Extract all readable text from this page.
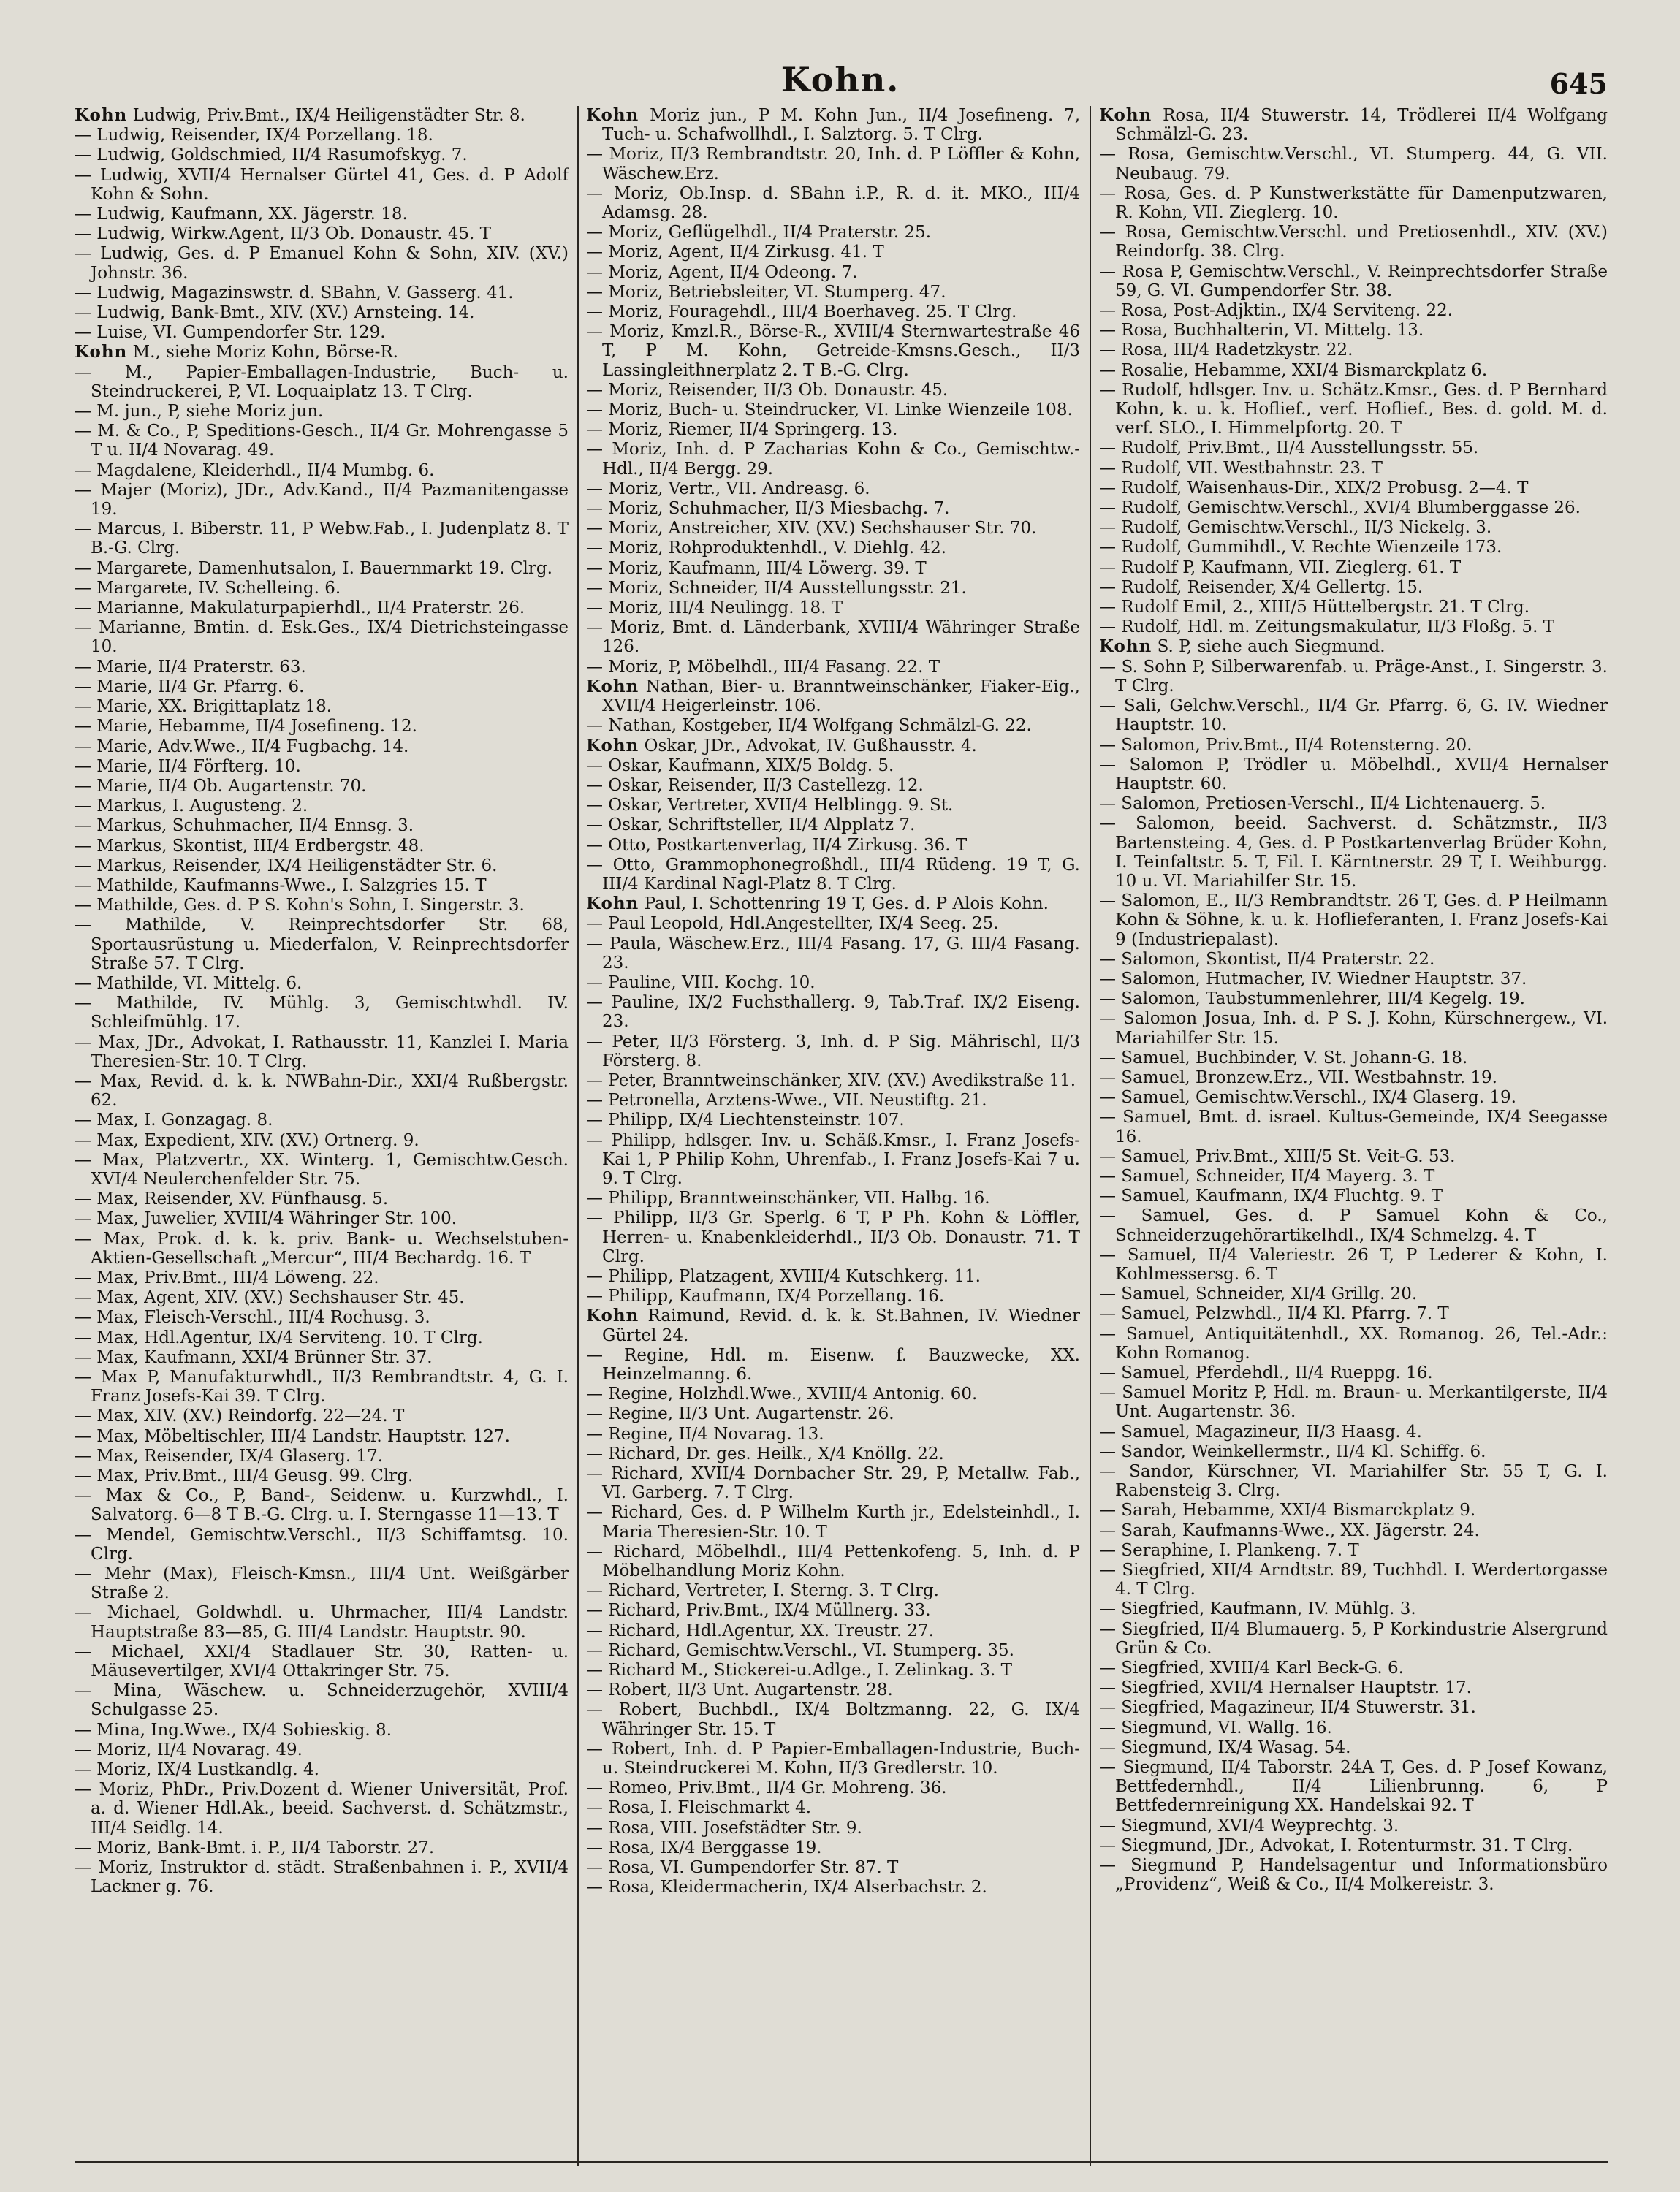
Kohn.	645
Kohn Ludwig, Priv.Bmt., IX/4 Heiligenstädter Str. 8.
— Ludwig, Reisender, IX/4 Porzellang. 18.
— Ludwig, Goldschmied, II/4 Rasumofskyg. 7.
— Ludwig, XVII/4 Hernalser Gürtel 41, Ges. d. P Adolf Kohn & Sohn.
— Ludwig, Kaufmann, XX. Jägerstr. 18.
— Ludwig, Wirkw.Agent, II/3 Ob. Donaustr. 45. T
— Ludwig, Ges. d. P Emanuel Kohn & Sohn, XIV. (XV.) Johnstr. 36.
— Ludwig, Magazinswstr. d. SBahn, V. Gasserg. 41.
— Ludwig, Bank-Bmt., XIV. (XV.) Arnsteing. 14.
— Luise, VI. Gumpendorfer Str. 129.
Kohn M., siehe Moriz Kohn, Börse-R.
— M., Papier-Emballagen-Industrie, Buch- u. Steindruckerei, P, VI. Loquaiplatz 13. T Clrg.
— M. jun., P, siehe Moriz jun.
— M. & Co., P, Speditions-Gesch., II/4 Gr. Mohrengasse 5 T u. II/4 Novarag. 49.
— Magdalene, Kleiderhdl., II/4 Mumbg. 6.
— Majer (Moriz), JDr., Adv.Kand., II/4 Pazmanitengasse 19.
— Marcus, I. Biberstr. 11, P Webw.Fab., I. Judenplatz 8. T B.-G. Clrg.
— Margarete, Damenhutsalon, I. Bauernmarkt 19. Clrg.
— Margarete, IV. Schelleing. 6.
— Marianne, Makulaturpapierhdl., II/4 Praterstr. 26.
— Marianne, Bmtin. d. Esk.Ges., IX/4 Dietrichsteingasse 10.
— Marie, II/4 Praterstr. 63.
— Marie, II/4 Gr. Pfarrg. 6.
— Marie, XX. Brigittaplatz 18.
— Marie, Hebamme, II/4 Josefineng. 12.
— Marie, Adv.Wwe., II/4 Fugbachg. 14.
— Marie, II/4 Förfterg. 10.
— Marie, II/4 Ob. Augartenstr. 70.
— Markus, I. Augusteng. 2.
— Markus, Schuhmacher, II/4 Ennsg. 3.
— Markus, Skontist, III/4 Erdbergstr. 48.
— Markus, Reisender, IX/4 Heiligenstädter Str. 6.
— Mathilde, Kaufmanns-Wwe., I. Salzgries 15. T
— Mathilde, Ges. d. P S. Kohn's Sohn, I. Singerstr. 3.
— Mathilde, V. Reinprechtsdorfer Str. 68, Sportausrüstung u. Miederfalon, V. Reinprechtsdorfer Straße 57. T Clrg.
— Mathilde, VI. Mittelg. 6.
— Mathilde, IV. Mühlg. 3, Gemischtwhdl. IV. Schleifmühlg. 17.
— Max, JDr., Advokat, I. Rathausstr. 11, Kanzlei I. Maria Theresien-Str. 10. T Clrg.
— Max, Revid. d. k. k. NWBahn-Dir., XXI/4 Rußbergstr. 62.
— Max, I. Gonzagag. 8.
— Max, Expedient, XIV. (XV.) Ortnerg. 9.
— Max, Platzvertr., XX. Winterg. 1, Gemischtw.Gesch. XVI/4 Neulerchenfelder Str. 75.
— Max, Reisender, XV. Fünfhausg. 5.
— Max, Juwelier, XVIII/4 Währinger Str. 100.
— Max, Prok. d. k. k. priv. Bank- u. Wechselstuben-Aktien-Gesellschaft „Mercur“, III/4 Bechardg. 16. T
— Max, Priv.Bmt., III/4 Löweng. 22.
— Max, Agent, XIV. (XV.) Sechshauser Str. 45.
— Max, Fleisch-Verschl., III/4 Rochusg. 3.
— Max, Hdl.Agentur, IX/4 Serviteng. 10. T Clrg.
— Max, Kaufmann, XXI/4 Brünner Str. 37.
— Max P, Manufakturwhdl., II/3 Rembrandtstr. 4, G. I. Franz Josefs-Kai 39. T Clrg.
— Max, XIV. (XV.) Reindorfg. 22—24. T
— Max, Möbeltischler, III/4 Landstr. Hauptstr. 127.
— Max, Reisender, IX/4 Glaserg. 17.
— Max, Priv.Bmt., III/4 Geusg. 99. Clrg.
— Max & Co., P, Band-, Seidenw. u. Kurzwhdl., I. Salvatorg. 6—8 T B.-G. Clrg. u. I. Sterngasse 11—13. T
— Mendel, Gemischtw.Verschl., II/3 Schiffamtsg. 10. Clrg.
— Mehr (Max), Fleisch-Kmsn., III/4 Unt. Weißgärber Straße 2.
— Michael, Goldwhdl. u. Uhrmacher, III/4 Landstr. Hauptstraße 83—85, G. III/4 Landstr. Hauptstr. 90.
— Michael, XXI/4 Stadlauer Str. 30, Ratten- u. Mäusevertilger, XVI/4 Ottakringer Str. 75.
— Mina, Wäschew. u. Schneiderzugehör, XVIII/4 Schulgasse 25.
— Mina, Ing.Wwe., IX/4 Sobieskig. 8.
— Moriz, II/4 Novarag. 49.
— Moriz, IX/4 Lustkandlg. 4.
— Moriz, PhDr., Priv.Dozent d. Wiener Universität, Prof. a. d. Wiener Hdl.Ak., beeid. Sachverst. d. Schätzmstr., III/4 Seidlg. 14.
— Moriz, Bank-Bmt. i. P., II/4 Taborstr. 27.
— Moriz, Instruktor d. städt. Straßenbahnen i. P., XVII/4 Lackner g. 76.
Kohn Moriz jun., P M. Kohn Jun., II/4 Josefineng. 7, Tuch- u. Schafwollhdl., I. Salztorg. 5. T Clrg.
— Moriz, II/3 Rembrandtstr. 20, Inh. d. P Löffler & Kohn, Wäschew.Erz.
— Moriz, Ob.Insp. d. SBahn i.P., R. d. it. MKO., III/4 Adamsg. 28.
— Moriz, Geflügelhdl., II/4 Praterstr. 25.
— Moriz, Agent, II/4 Zirkusg. 41. T
— Moriz, Agent, II/4 Odeong. 7.
— Moriz, Betriebsleiter, VI. Stumperg. 47.
— Moriz, Fouragehdl., III/4 Boerhaveg. 25. T Clrg.
— Moriz, Kmzl.R., Börse-R., XVIII/4 Sternwartestraße 46 T, P M. Kohn, Getreide-Kmsns.Gesch., II/3 Lassingleithnerplatz 2. T B.-G. Clrg.
— Moriz, Reisender, II/3 Ob. Donaustr. 45.
— Moriz, Buch- u. Steindrucker, VI. Linke Wienzeile 108.
— Moriz, Riemer, II/4 Springerg. 13.
— Moriz, Inh. d. P Zacharias Kohn & Co., Gemischtw.-Hdl., II/4 Bergg. 29.
— Moriz, Vertr., VII. Andreasg. 6.
— Moriz, Schuhmacher, II/3 Miesbachg. 7.
— Moriz, Anstreicher, XIV. (XV.) Sechshauser Str. 70.
— Moriz, Rohproduktenhdl., V. Diehlg. 42.
— Moriz, Kaufmann, III/4 Löwerg. 39. T
— Moriz, Schneider, II/4 Ausstellungsstr. 21.
— Moriz, III/4 Neulingg. 18. T
— Moriz, Bmt. d. Länderbank, XVIII/4 Währinger Straße 126.
— Moriz, P, Möbelhdl., III/4 Fasang. 22. T
Kohn Nathan, Bier- u. Branntweinschänker, Fiaker-Eig., XVII/4 Heigerleinstr. 106.
— Nathan, Kostgeber, II/4 Wolfgang Schmälzl-G. 22.
Kohn Oskar, JDr., Advokat, IV. Gußhausstr. 4.
— Oskar, Kaufmann, XIX/5 Boldg. 5.
— Oskar, Reisender, II/3 Castellezg. 12.
— Oskar, Vertreter, XVII/4 Helblingg. 9. St.
— Oskar, Schriftsteller, II/4 Alpplatz 7.
— Otto, Postkartenverlag, II/4 Zirkusg. 36. T
— Otto, Grammophonegroßhdl., III/4 Rüdeng. 19 T, G. III/4 Kardinal Nagl-Platz 8. T Clrg.
Kohn Paul, I. Schottenring 19 T, Ges. d. P Alois Kohn.
— Paul Leopold, Hdl.Angestellter, IX/4 Seeg. 25.
— Paula, Wäschew.Erz., III/4 Fasang. 17, G. III/4 Fasang. 23.
— Pauline, VIII. Kochg. 10.
— Pauline, IX/2 Fuchsthallerg. 9, Tab.Traf. IX/2 Eiseng. 23.
— Peter, II/3 Försterg. 3, Inh. d. P Sig. Mährischl, II/3 Försterg. 8.
— Peter, Branntweinschänker, XIV. (XV.) Avedikstraße 11.
— Petronella, Arztens-Wwe., VII. Neustiftg. 21.
— Philipp, IX/4 Liechtensteinstr. 107.
— Philipp, hdlsger. Inv. u. Schäß.Kmsr., I. Franz Josefs-Kai 1, P Philip Kohn, Uhrenfab., I. Franz Josefs-Kai 7 u. 9. T Clrg.
— Philipp, Branntweinschänker, VII. Halbg. 16.
— Philipp, II/3 Gr. Sperlg. 6 T, P Ph. Kohn & Löffler, Herren- u. Knabenkleiderhdl., II/3 Ob. Donaustr. 71. T Clrg.
— Philipp, Platzagent, XVIII/4 Kutschkerg. 11.
— Philipp, Kaufmann, IX/4 Porzellang. 16.
Kohn Raimund, Revid. d. k. k. St.Bahnen, IV. Wiedner Gürtel 24.
— Regine, Hdl. m. Eisenw. f. Bauzwecke, XX. Heinzelmanng. 6.
— Regine, Holzhdl.Wwe., XVIII/4 Antonig. 60.
— Regine, II/3 Unt. Augartenstr. 26.
— Regine, II/4 Novarag. 13.
— Richard, Dr. ges. Heilk., X/4 Knöllg. 22.
— Richard, XVII/4 Dornbacher Str. 29, P, Metallw. Fab., VI. Garberg. 7. T Clrg.
— Richard, Ges. d. P Wilhelm Kurth jr., Edelsteinhdl., I. Maria Theresien-Str. 10. T
— Richard, Möbelhdl., III/4 Pettenkofeng. 5, Inh. d. P Möbelhandlung Moriz Kohn.
— Richard, Vertreter, I. Sterng. 3. T Clrg.
— Richard, Priv.Bmt., IX/4 Müllnerg. 33.
— Richard, Hdl.Agentur, XX. Treustr. 27.
— Richard, Gemischtw.Verschl., VI. Stumperg. 35.
— Richard M., Stickerei-u.Adlge., I. Zelinkag. 3. T
— Robert, II/3 Unt. Augartenstr. 28.
— Robert, Buchbdl., IX/4 Boltzmanng. 22, G. IX/4 Währinger Str. 15. T
— Robert, Inh. d. P Papier-Emballagen-Industrie, Buch- u. Steindruckerei M. Kohn, II/3 Gredlerstr. 10.
— Romeo, Priv.Bmt., II/4 Gr. Mohreng. 36.
— Rosa, I. Fleischmarkt 4.
— Rosa, VIII. Josefstädter Str. 9.
— Rosa, IX/4 Berggasse 19.
— Rosa, VI. Gumpendorfer Str. 87. T
— Rosa, Kleidermacherin, IX/4 Alserbachstr. 2.
Kohn Rosa, II/4 Stuwerstr. 14, Trödlerei II/4 Wolfgang Schmälzl-G. 23.
— Rosa, Gemischtw.Verschl., VI. Stumperg. 44, G. VII. Neubaug. 79.
— Rosa, Ges. d. P Kunstwerkstätte für Damenputzwaren, R. Kohn, VII. Zieglerg. 10.
— Rosa, Gemischtw.Verschl. und Pretiosenhdl., XIV. (XV.) Reindorfg. 38. Clrg.
— Rosa P, Gemischtw.Verschl., V. Reinprechtsdorfer Straße 59, G. VI. Gumpendorfer Str. 38.
— Rosa, Post-Adjktin., IX/4 Serviteng. 22.
— Rosa, Buchhalterin, VI. Mittelg. 13.
— Rosa, III/4 Radetzkystr. 22.
— Rosalie, Hebamme, XXI/4 Bismarckplatz 6.
— Rudolf, hdlsger. Inv. u. Schätz.Kmsr., Ges. d. P Bernhard Kohn, k. u. k. Hoflief., verf. Hoflief., Bes. d. gold. M. d. verf. SLO., I. Himmelpfortg. 20. T
— Rudolf, Priv.Bmt., II/4 Ausstellungsstr. 55.
— Rudolf, VII. Westbahnstr. 23. T
— Rudolf, Waisenhaus-Dir., XIX/2 Probusg. 2—4. T
— Rudolf, Gemischtw.Verschl., XVI/4 Blumberggasse 26.
— Rudolf, Gemischtw.Verschl., II/3 Nickelg. 3.
— Rudolf, Gummihdl., V. Rechte Wienzeile 173.
— Rudolf P, Kaufmann, VII. Zieglerg. 61. T
— Rudolf, Reisender, X/4 Gellertg. 15.
— Rudolf Emil, 2., XIII/5 Hüttelbergstr. 21. T Clrg.
— Rudolf, Hdl. m. Zeitungsmakulatur, II/3 Floßg. 5. T
Kohn S. P, siehe auch Siegmund.
— S. Sohn P, Silberwarenfab. u. Präge-Anst., I. Singerstr. 3. T Clrg.
— Sali, Gelchw.Verschl., II/4 Gr. Pfarrg. 6, G. IV. Wiedner Hauptstr. 10.
— Salomon, Priv.Bmt., II/4 Rotensterng. 20.
— Salomon P, Trödler u. Möbelhdl., XVII/4 Hernalser Hauptstr. 60.
— Salomon, Pretiosen-Verschl., II/4 Lichtenauerg. 5.
— Salomon, beeid. Sachverst. d. Schätzmstr., II/3 Bartensteing. 4, Ges. d. P Postkartenverlag Brüder Kohn, I. Teinfaltstr. 5. T, Fil. I. Kärntnerstr. 29 T, I. Weihburgg. 10 u. VI. Mariahilfer Str. 15.
— Salomon, E., II/3 Rembrandtstr. 26 T, Ges. d. P Heilmann Kohn & Söhne, k. u. k. Hoflieferanten, I. Franz Josefs-Kai 9 (Industriepalast).
— Salomon, Skontist, II/4 Praterstr. 22.
— Salomon, Hutmacher, IV. Wiedner Hauptstr. 37.
— Salomon, Taubstummenlehrer, III/4 Kegelg. 19.
— Salomon Josua, Inh. d. P S. J. Kohn, Kürschnergew., VI. Mariahilfer Str. 15.
— Samuel, Buchbinder, V. St. Johann-G. 18.
— Samuel, Bronzew.Erz., VII. Westbahnstr. 19.
— Samuel, Gemischtw.Verschl., IX/4 Glaserg. 19.
— Samuel, Bmt. d. israel. Kultus-Gemeinde, IX/4 Seegasse 16.
— Samuel, Priv.Bmt., XIII/5 St. Veit-G. 53.
— Samuel, Schneider, II/4 Mayerg. 3. T
— Samuel, Kaufmann, IX/4 Fluchtg. 9. T
— Samuel, Ges. d. P Samuel Kohn & Co., Schneiderzugehörartikelhdl., IX/4 Schmelzg. 4. T
— Samuel, II/4 Valeriestr. 26 T, P Lederer & Kohn, I. Kohlmessersg. 6. T
— Samuel, Schneider, XI/4 Grillg. 20.
— Samuel, Pelzwhdl., II/4 Kl. Pfarrg. 7. T
— Samuel, Antiquitätenhdl., XX. Romanog. 26, Tel.-Adr.: Kohn Romanog.
— Samuel, Pferdehdl., II/4 Rueppg. 16.
— Samuel Moritz P, Hdl. m. Braun- u. Merkantilgerste, II/4 Unt. Augartenstr. 36.
— Samuel, Magazineur, II/3 Haasg. 4.
— Sandor, Weinkellermstr., II/4 Kl. Schiffg. 6.
— Sandor, Kürschner, VI. Mariahilfer Str. 55 T, G. I. Rabensteig 3. Clrg.
— Sarah, Hebamme, XXI/4 Bismarckplatz 9.
— Sarah, Kaufmanns-Wwe., XX. Jägerstr. 24.
— Seraphine, I. Plankeng. 7. T
— Siegfried, XII/4 Arndtstr. 89, Tuchhdl. I. Werdertorgasse 4. T Clrg.
— Siegfried, Kaufmann, IV. Mühlg. 3.
— Siegfried, II/4 Blumauerg. 5, P Korkindustrie Alsergrund Grün & Co.
— Siegfried, XVIII/4 Karl Beck-G. 6.
— Siegfried, XVII/4 Hernalser Hauptstr. 17.
— Siegfried, Magazineur, II/4 Stuwerstr. 31.
— Siegmund, VI. Wallg. 16.
— Siegmund, IX/4 Wasag. 54.
— Siegmund, II/4 Taborstr. 24A T, Ges. d. P Josef Kowanz, Bettfedernhdl., II/4 Lilienbrunng. 6, P Bettfedernreinigung XX. Handelskai 92. T
— Siegmund, XVI/4 Weyprechtg. 3.
— Siegmund, JDr., Advokat, I. Rotenturmstr. 31. T Clrg.
— Siegmund P, Handelsagentur und Informationsbüro „Providenz“, Weiß & Co., II/4 Molkereistr. 3.
